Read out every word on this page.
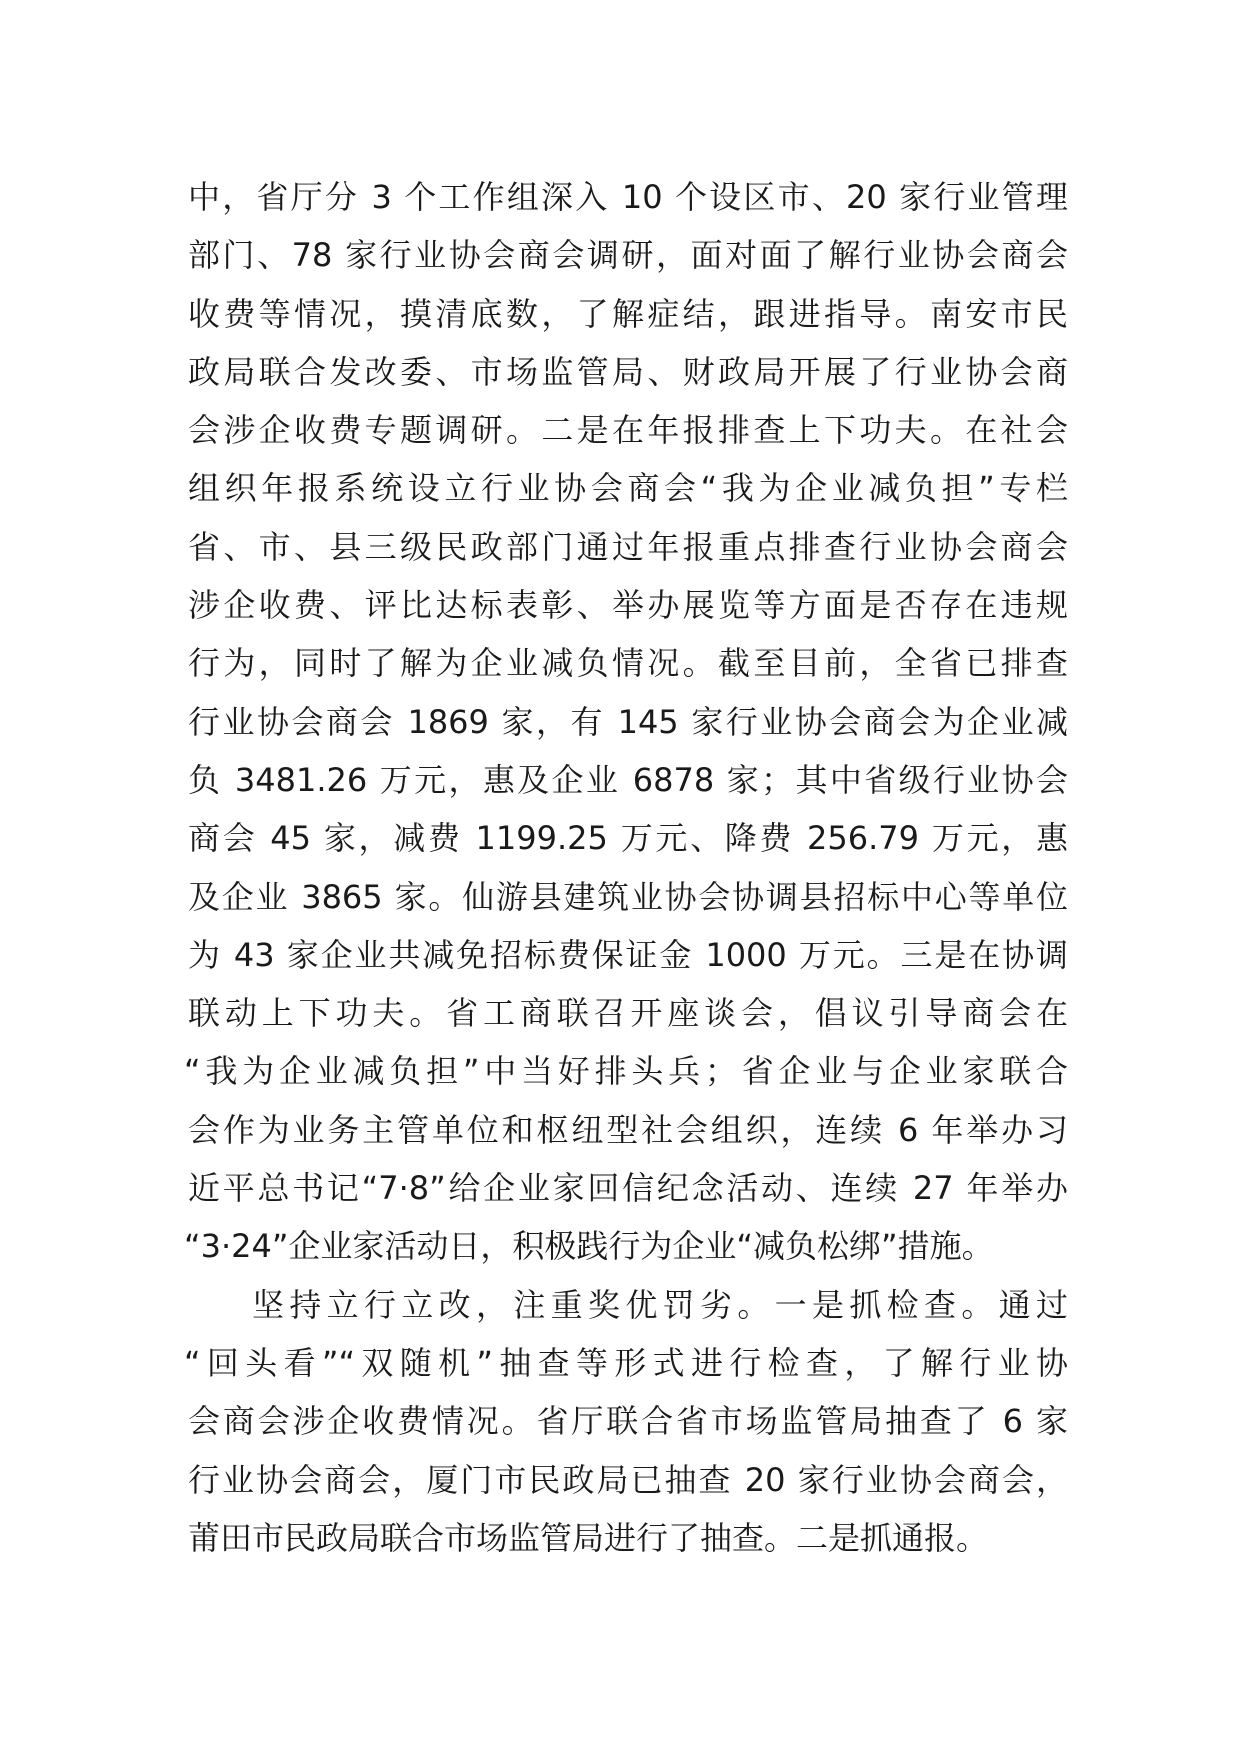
中，省厅分 3 个工作组深入 10 个设区市、20 家行业管理
部门、78 家行业协会商会调研，面对面了解行业协会商会
收费等情况，摸清底数，了解症结，跟进指导。南安市民
政局联合发改委、市场监管局、财政局开展了行业协会商
会涉企收费专题调研。二是在年报排查上下功夫。在社会
组织年报系统设立行业协会商会“我为企业减负担”专栏
省、市、县三级民政部门通过年报重点排查行业协会商会
涉企收费、评比达标表彰、举办展览等方面是否存在违规
行为，同时了解为企业减负情况。截至目前，全省已排查
行业协会商会 1869 家，有 145 家行业协会商会为企业减
负 3481.26 万元，惠及企业 6878 家；其中省级行业协会
商会 45 家，减费 1199.25 万元、降费 256.79 万元，惠
及企业 3865 家。仙游县建筑业协会协调县招标中心等单位
为 43 家企业共减免招标费保证金 1000 万元。三是在协调
联动上下功夫。省工商联召开座谈会，倡议引导商会在
“我为企业减负担”中当好排头兵；省企业与企业家联合
会作为业务主管单位和枢纽型社会组织，连续 6 年举办习
近平总书记“7·8”给企业家回信纪念活动、连续 27 年举办
“3·24”企业家活动日，积极践行为企业“减负松绑”措施。
坚持立行立改，注重奖优罚劣。一是抓检查。通过
“回头看”“双随机”抽查等形式进行检查，了解行业协
会商会涉企收费情况。省厅联合省市场监管局抽查了 6 家
行业协会商会，厦门市民政局已抽查 20 家行业协会商会，
莆田市民政局联合市场监管局进行了抽查。二是抓通报。
